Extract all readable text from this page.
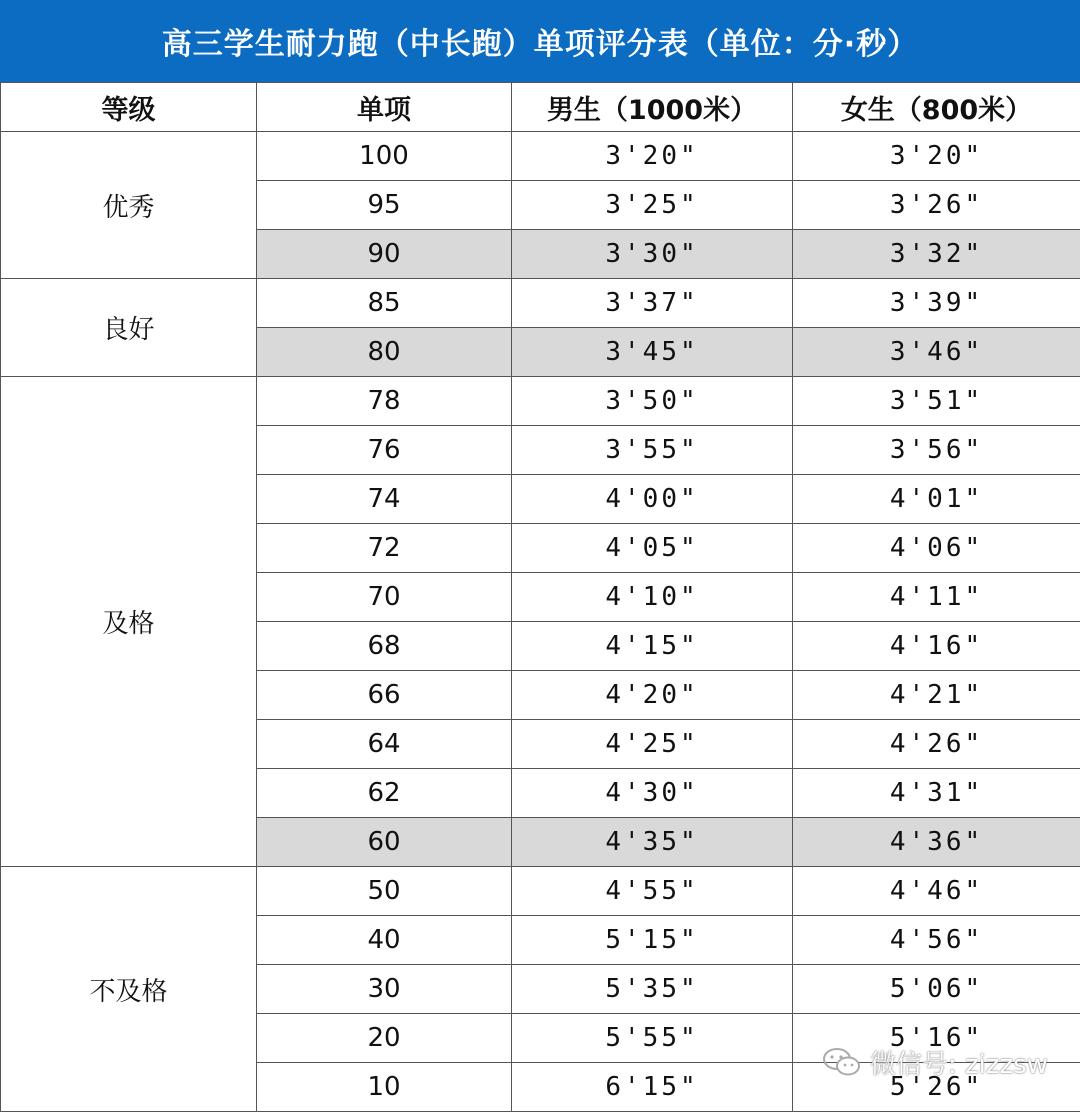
高三学生耐力跑（中长跑）单项评分表（单位：分·秒）
等级	单项	男生（1000米）	女生（800米）
优秀	100	3'20"	3'20"
	95	3'25"	3'26"
	90	3'30"	3'32"
良好	85	3'37"	3'39"
	80	3'45"	3'46"
及格	78	3'50"	3'51"
	76	3'55"	3'56"
	74	4'00"	4'01"
	72	4'05"	4'06"
	70	4'10"	4'11"
	68	4'15"	4'16"
	66	4'20"	4'21"
	64	4'25"	4'26"
	62	4'30"	4'31"
	60	4'35"	4'36"
不及格	50	4'55"	4'46"
	40	5'15"	4'56"
	30	5'35"	5'06"
	20	5'55"	5'16"
	10	6'15"	5'26"
微信号: zizzsw
